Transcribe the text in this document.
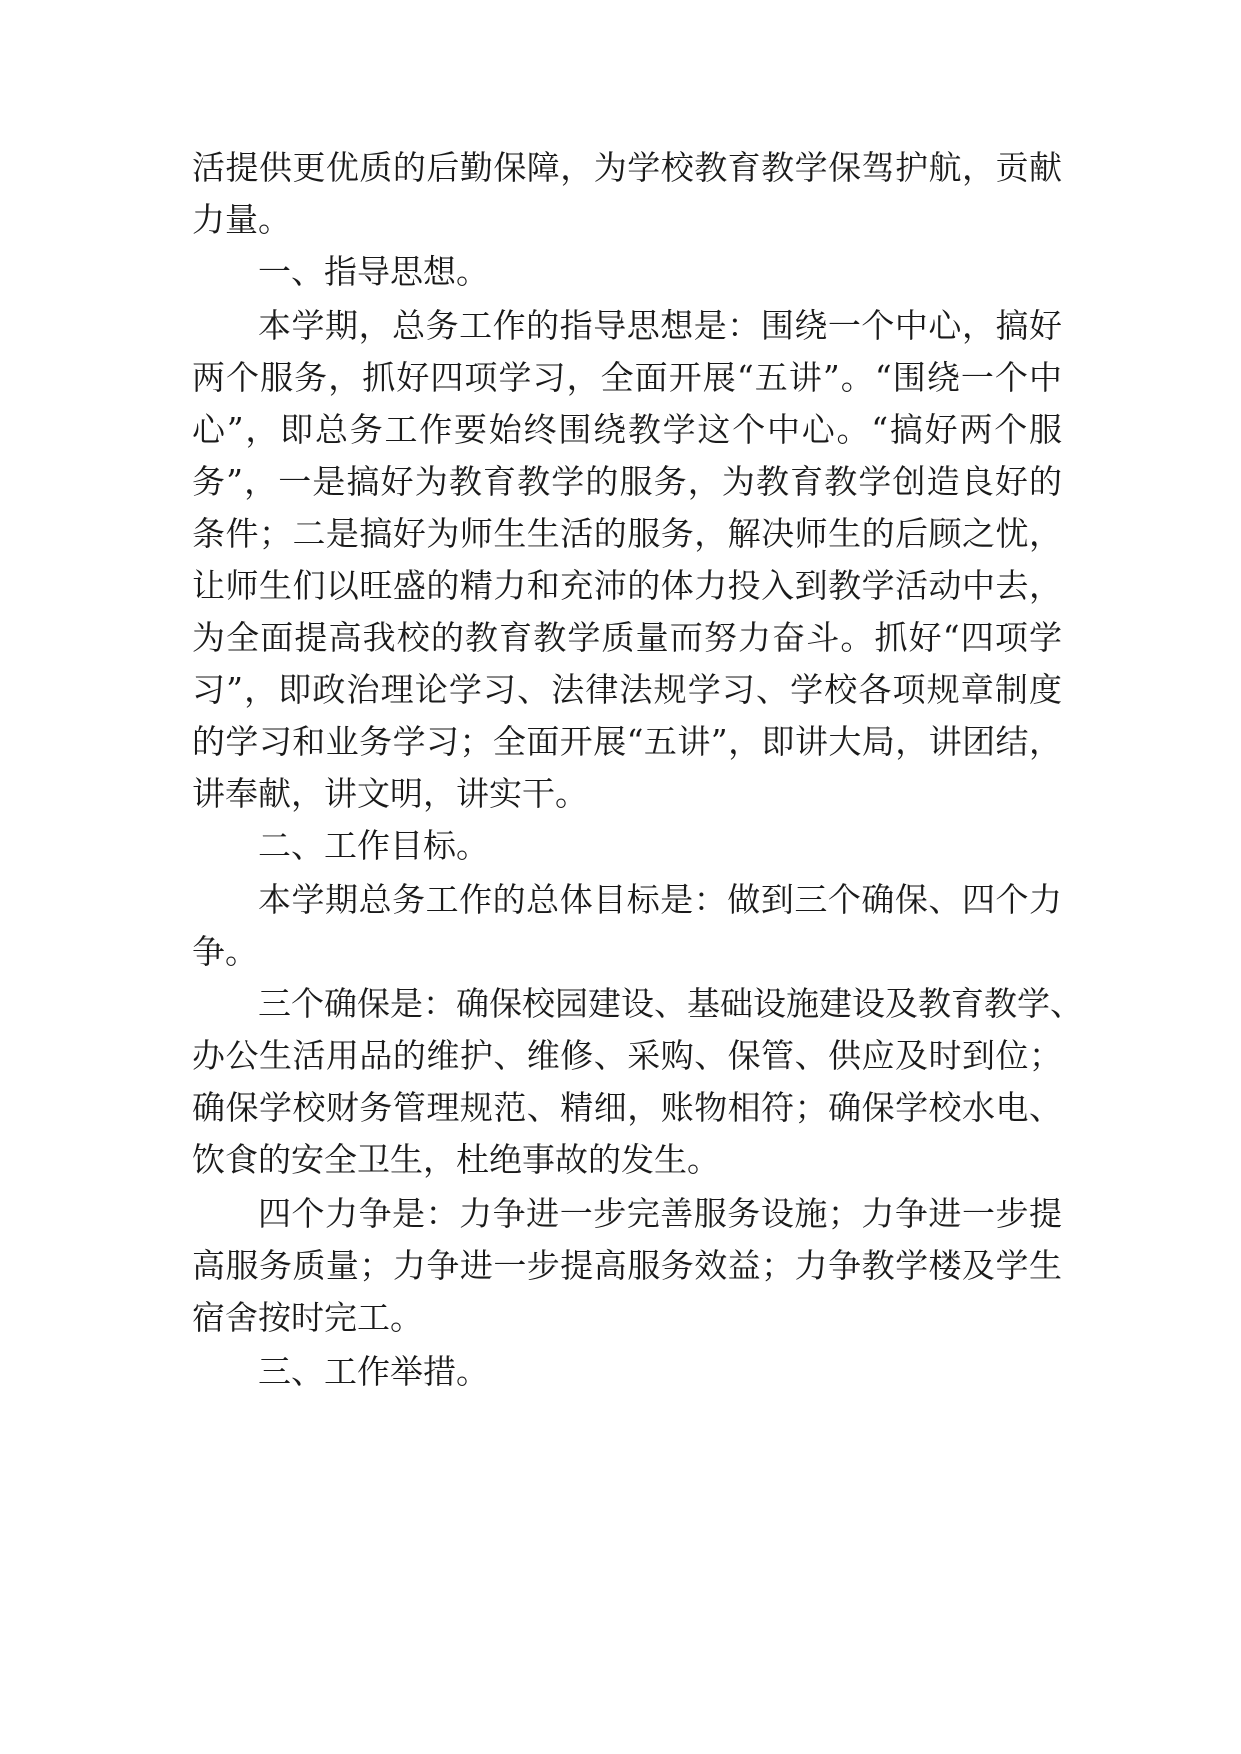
活提供更优质的后勤保障，为学校教育教学保驾护航，贡献
力量。
一、指导思想。
本学期，总务工作的指导思想是：围绕一个中心，搞好
两个服务，抓好四项学习，全面开展“五讲”。“围绕一个中
心”，即总务工作要始终围绕教学这个中心。“搞好两个服
务”，一是搞好为教育教学的服务，为教育教学创造良好的
条件；二是搞好为师生生活的服务，解决师生的后顾之忧，
让师生们以旺盛的精力和充沛的体力投入到教学活动中去，
为全面提高我校的教育教学质量而努力奋斗。抓好“四项学
习”，即政治理论学习、法律法规学习、学校各项规章制度
的学习和业务学习；全面开展“五讲”，即讲大局，讲团结，
讲奉献，讲文明，讲实干。
二、工作目标。
本学期总务工作的总体目标是：做到三个确保、四个力
争。
三个确保是：确保校园建设、基础设施建设及教育教学、
办公生活用品的维护、维修、采购、保管、供应及时到位；
确保学校财务管理规范、精细，账物相符；确保学校水电、
饮食的安全卫生，杜绝事故的发生。
四个力争是：力争进一步完善服务设施；力争进一步提
高服务质量；力争进一步提高服务效益；力争教学楼及学生
宿舍按时完工。
三、工作举措。
